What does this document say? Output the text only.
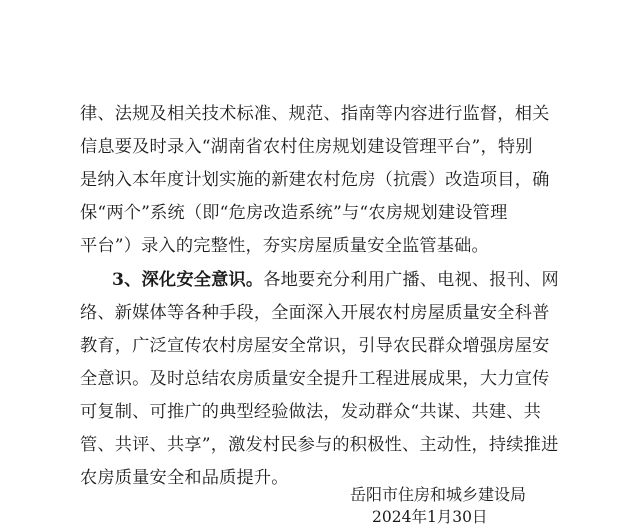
律、法规及相关技术标准、规范、指南等内容进行监督，相关
信息要及时录入“湖南省农村住房规划建设管理平台”，特别
是纳入本年度计划实施的新建农村危房（抗震）改造项目，确
保“两个”系统（即“危房改造系统”与“农房规划建设管理
平台”）录入的完整性，夯实房屋质量安全监管基础。
3、深化安全意识。各地要充分利用广播、电视、报刊、网
络、新媒体等各种手段，全面深入开展农村房屋质量安全科普
教育，广泛宣传农村房屋安全常识，引导农民群众增强房屋安
全意识。及时总结农房质量安全提升工程进展成果，大力宣传
可复制、可推广的典型经验做法，发动群众“共谋、共建、共
管、共评、共享”，激发村民参与的积极性、主动性，持续推进
农房质量安全和品质提升。
岳阳市住房和城乡建设局
2024年1月30日
